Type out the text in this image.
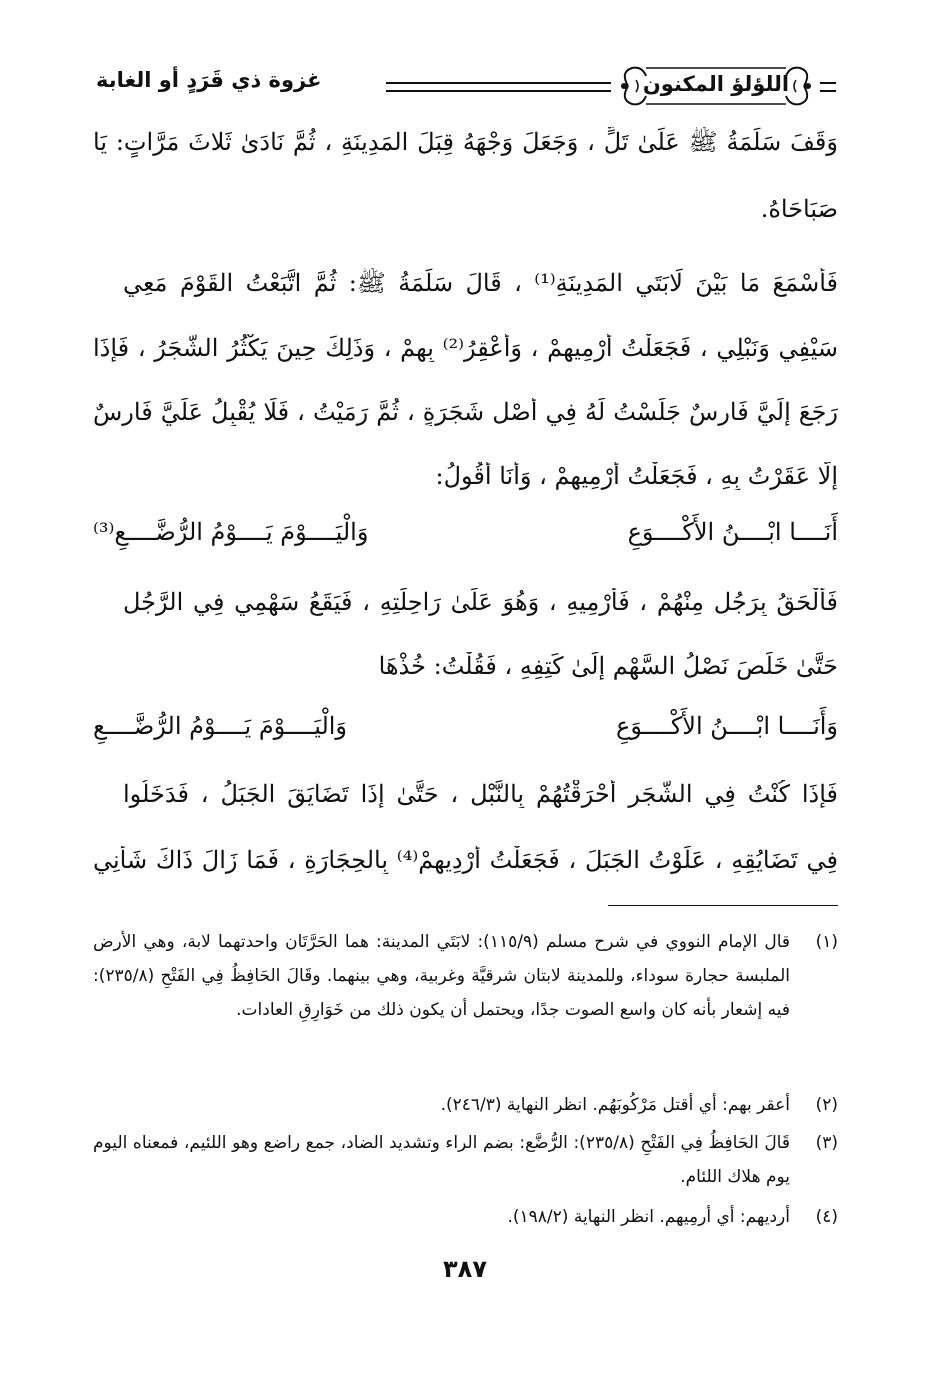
اللؤلؤ المكنون
غزوة ذي قَرَدٍ أو الغابة
وَقَفَ سَلَمَةُ ﷺ عَلَىٰ تَلٍّ ، وَجَعَلَ وَجْهَهُ قِبَلَ المَدِينَةِ ، ثُمَّ نَادَىٰ ثَلاثَ مَرَّاتٍ: يَا
صَبَاحَاهُ.
فَأَسْمَعَ مَا بَيْنَ لَابَتَي المَدِينَةِ⁽¹⁾ ، قَالَ سَلَمَةُ ﷺ: ثُمَّ اتَّبَعْتُ القَوْمَ مَعِي
سَيْفِي وَنَبْلِي ، فَجَعَلْتُ أَرْمِيهِمْ ، وَأَعْقِرُ⁽²⁾ بِهِمْ ، وَذَلِكَ حِينَ يَكْثُرُ الشَّجَرُ ، فَإِذَا
رَجَعَ إِلَيَّ فَارِسٌ جَلَسْتُ لَهُ فِي أَصْلِ شَجَرَةٍ ، ثُمَّ رَمَيْتُ ، فَلَا يُقْبِلُ عَلَيَّ فَارِسٌ
إِلَّا عَقَرْتُ بِهِ ، فَجَعَلْتُ أَرْمِيهِمْ ، وَأَنَا أَقُولُ:
أَنَــــا ابْــــنُ الأَكْــــوَعِ
وَالْيَــــوْمَ يَــــوْمُ الرُّضَّــــعِ⁽³⁾
فَأَلْحَقُ بِرَجُلٍ مِنْهُمْ ، فَأَرْمِيهِ ، وَهُوَ عَلَىٰ رَاحِلَتِهِ ، فَيَقَعُ سَهْمِي فِي الرَّجُلِ
حَتَّىٰ خَلَصَ نَصْلُ السَّهْمِ إِلَىٰ كَتِفِهِ ، فَقُلْتُ: خُذْهَا
وَأَنَــــا ابْــــنُ الأَكْــــوَعِ
وَالْيَــــوْمَ يَــــوْمُ الرُّضَّــــعِ
فَإِذَا كُنْتُ فِي الشَّجَرِ أَحْرَقْتُهُمْ بِالنَّبْلِ ، حَتَّىٰ إِذَا تَضَايَقَ الجَبَلُ ، فَدَخَلُوا
فِي تَضَايُقِهِ ، عَلَوْتُ الجَبَلَ ، فَجَعَلْتُ أُرْدِيهِمْ⁽⁴⁾ بِالحِجَارَةِ ، فَمَا زَالَ ذَاكَ شَأْنِي
(١)
قال الإمام النووي في شرح مسلم (١١٥/٩): لابَتَي المدينة: هما الحَرَّتَان واحدتهما لابة، وهي الأرض الملبسة حجارة سوداء، وللمدينة لابتان شرقيَّة وغربية، وهي بينهما. وقَالَ الحَافِظُ فِي الفَتْحِ (٢٣٥/٨): فيه إشعار بأنه كان واسع الصوت جدًا، ويحتمل أن يكون ذلك من خَوَارِقِ العادات.
(٢)
أعقر بهم: أي أقتل مَرْكُوبَهُم. انظر النهاية (٢٤٦/٣).
(٣)
قَالَ الحَافِظُ فِي الفَتْحِ (٢٣٥/٨): الرُّضَّع: بضم الراء وتشديد الضاد، جمع راضع وهو اللئيم، فمعناه اليوم يوم هلاك اللئام.
(٤)
أرديهم: أي أرمِيهم. انظر النهاية (١٩٨/٢).
٣٨٧
